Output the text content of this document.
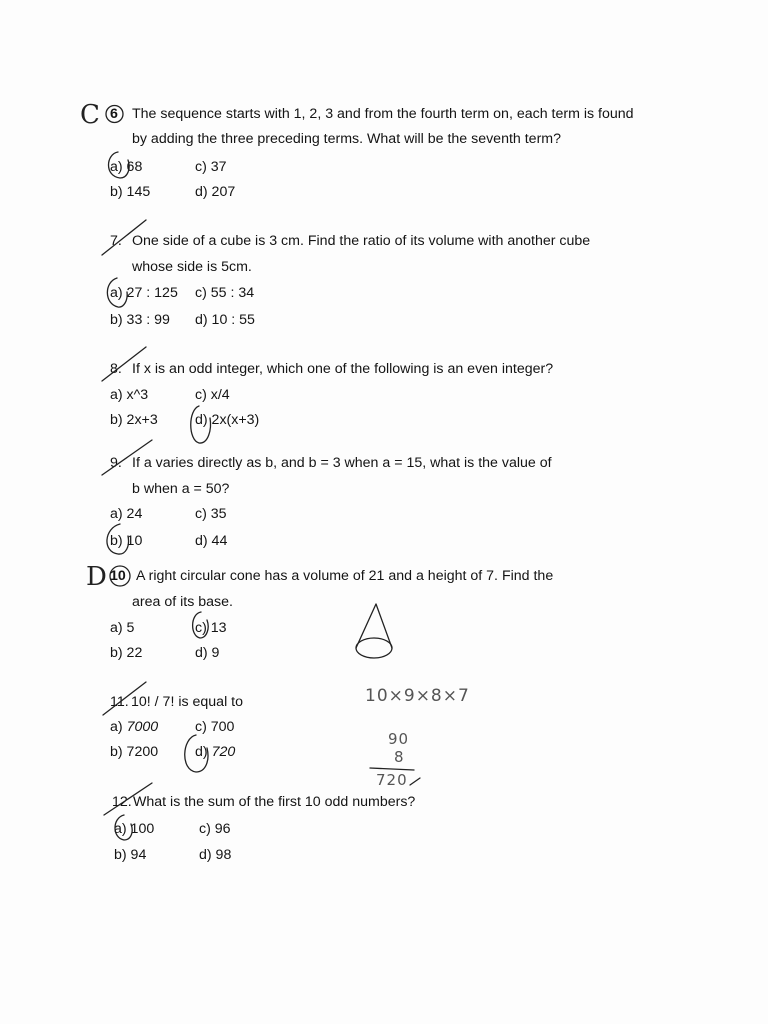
C 6 The sequence starts with 1, 2, 3 and from the fourth term on, each term is found
by adding the three preceding terms. What will be the seventh term?
a) 68	c) 37
b) 145	d) 207
7. One side of a cube is 3 cm. Find the ratio of its volume with another cube
whose side is 5cm.
a) 27 : 125 c) 55 : 34
b) 33 : 99 d) 10 : 55
8. If x is an odd integer, which one of the following is an even integer?
a) x^3	c) x/4
b) 2x+3	d) 2x(x+3)
9. If a varies directly as b, and b = 3 when a = 15, what is the value of
b when a = 50?
a) 24	c) 35
b) 10	d) 44
D 10 A right circular cone has a volume of 21 and a height of 7. Find the
area of its base.
a) 5	c) 13
b) 22	d) 9
11. 10! / 7! is equal to
a) 7000	c) 700
b) 7200	d) 720
12. What is the sum of the first 10 odd numbers?
a) 100	c) 96
b) 94	d) 98
10×9×8×7
90
8
720
